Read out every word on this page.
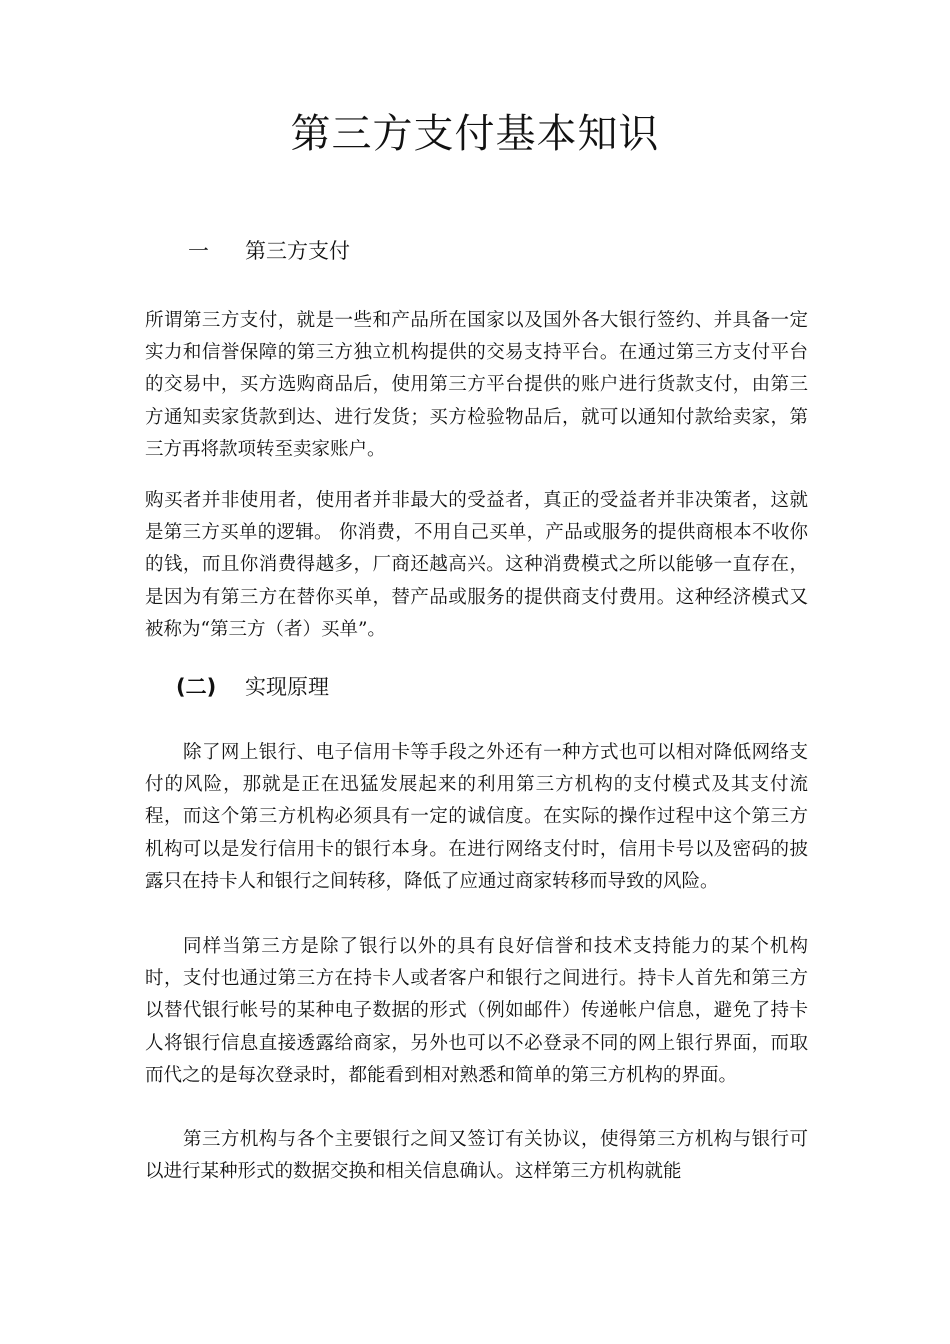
第三方支付基本知识
一 第三方支付
所谓第三方支付，就是一些和产品所在国家以及国外各大银行签约、并具备一定实力和信誉保障的第三方独立机构提供的交易支持平台。在通过第三方支付平台的交易中，买方选购商品后，使用第三方平台提供的账户进行货款支付，由第三方通知卖家货款到达、进行发货；买方检验物品后，就可以通知付款给卖家，第三方再将款项转至卖家账户。
购买者并非使用者，使用者并非最大的受益者，真正的受益者并非决策者，这就是第三方买单的逻辑。 你消费，不用自己买单，产品或服务的提供商根本不收你的钱，而且你消费得越多，厂商还越高兴。这种消费模式之所以能够一直存在，是因为有第三方在替你买单，替产品或服务的提供商支付费用。这种经济模式又被称为“第三方（者）买单”。
(二) 实现原理
除了网上银行、电子信用卡等手段之外还有一种方式也可以相对降低网络支付的风险，那就是正在迅猛发展起来的利用第三方机构的支付模式及其支付流程，而这个第三方机构必须具有一定的诚信度。在实际的操作过程中这个第三方机构可以是发行信用卡的银行本身。在进行网络支付时，信用卡号以及密码的披露只在持卡人和银行之间转移，降低了应通过商家转移而导致的风险。
同样当第三方是除了银行以外的具有良好信誉和技术支持能力的某个机构时，支付也通过第三方在持卡人或者客户和银行之间进行。持卡人首先和第三方以替代银行帐号的某种电子数据的形式（例如邮件）传递帐户信息，避免了持卡人将银行信息直接透露给商家，另外也可以不必登录不同的网上银行界面，而取而代之的是每次登录时，都能看到相对熟悉和简单的第三方机构的界面。
第三方机构与各个主要银行之间又签订有关协议，使得第三方机构与银行可以进行某种形式的数据交换和相关信息确认。这样第三方机构就能
